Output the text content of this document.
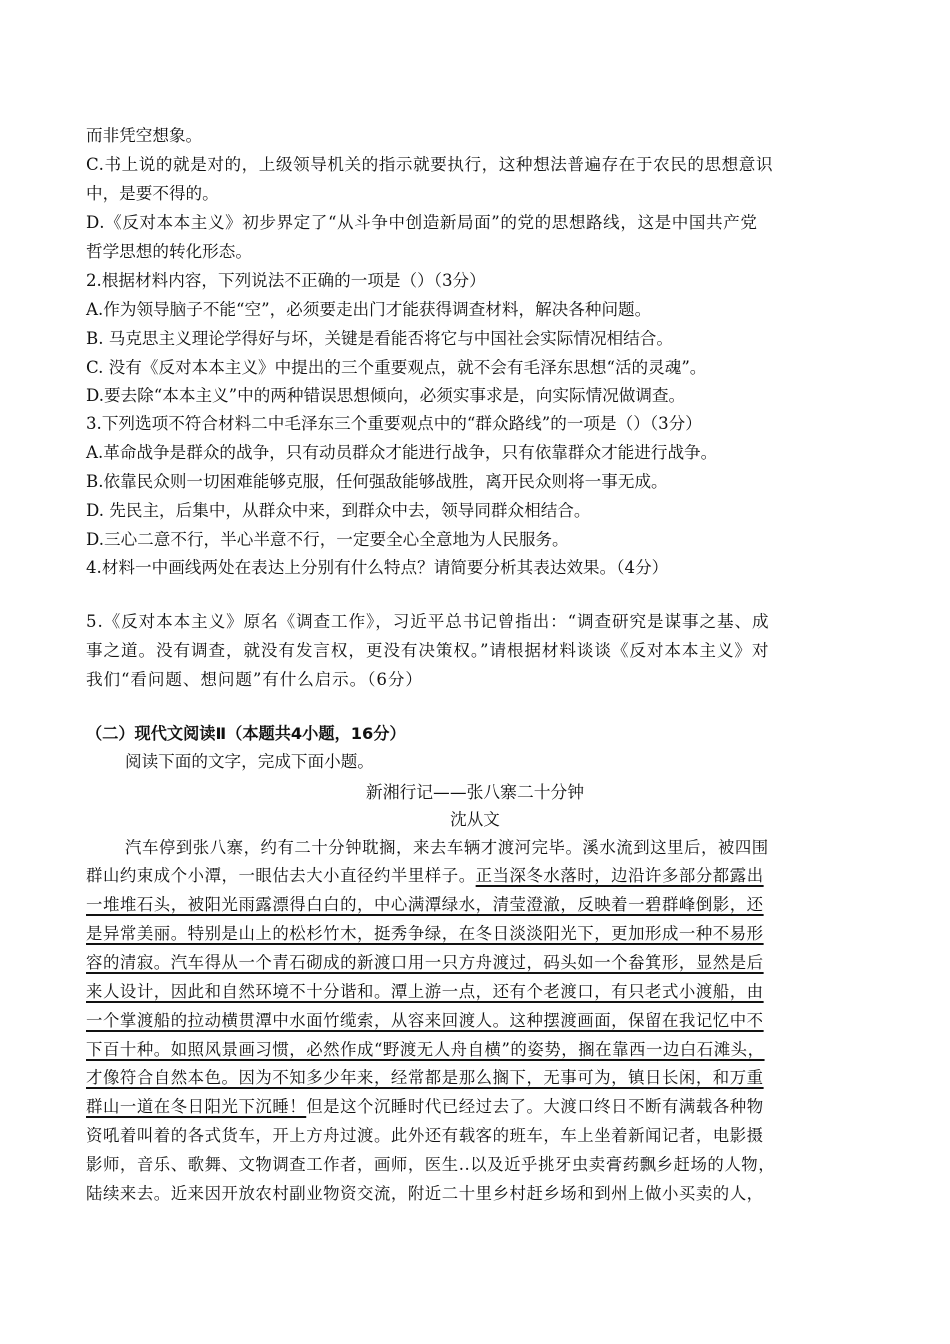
而非凭空想象。
C.书上说的就是对的，上级领导机关的指示就要执行，这种想法普遍存在于农民的思想意识
中，是要不得的。
D.《反对本本主义》初步界定了“从斗争中创造新局面”的党的思想路线，这是中国共产党
哲学思想的转化形态。
2.根据材料内容，下列说法不正确的一项是（）（3分）
A.作为领导脑子不能“空”，必须要走出门才能获得调查材料，解决各种问题。
B. 马克思主义理论学得好与坏，关键是看能否将它与中国社会实际情况相结合。
C. 没有《反对本本主义》中提出的三个重要观点，就不会有毛泽东思想“活的灵魂”。
D.要去除“本本主义”中的两种错误思想倾向，必须实事求是，向实际情况做调查。
3.下列选项不符合材料二中毛泽东三个重要观点中的“群众路线”的一项是（）（3分）
A.革命战争是群众的战争，只有动员群众才能进行战争，只有依靠群众才能进行战争。
B.依靠民众则一切困难能够克服，任何强敌能够战胜，离开民众则将一事无成。
D. 先民主，后集中，从群众中来，到群众中去，领导同群众相结合。
D.三心二意不行，半心半意不行，一定要全心全意地为人民服务。
4.材料一中画线两处在表达上分别有什么特点？请简要分析其表达效果。（4分）
5.《反对本本主义》原名《调查工作》，习近平总书记曾指出：“调查研究是谋事之基、成
事之道。没有调查，就没有发言权，更没有决策权。”请根据材料谈谈《反对本本主义》对
我们“看问题、想问题”有什么启示。（6分）
（二）现代文阅读Ⅱ（本题共4小题，16分）
阅读下面的文字，完成下面小题。
新湘行记——张八寨二十分钟
沈从文
汽车停到张八寨，约有二十分钟耽搁，来去车辆才渡河完毕。溪水流到这里后，被四围
群山约束成个小潭，一眼估去大小直径约半里样子。正当深冬水落时，边沿许多部分都露出
一堆堆石头，被阳光雨露漂得白白的，中心满潭绿水，清莹澄澈，反映着一碧群峰倒影，还
是异常美丽。特别是山上的松杉竹木，挺秀争绿，在冬日淡淡阳光下，更加形成一种不易形
容的清寂。汽车得从一个青石砌成的新渡口用一只方舟渡过，码头如一个畚箕形，显然是后
来人设计，因此和自然环境不十分谐和。潭上游一点，还有个老渡口，有只老式小渡船，由
一个掌渡船的拉动横贯潭中水面竹缆索，从容来回渡人。这种摆渡画面，保留在我记忆中不
下百十种。如照风景画习惯，必然作成“野渡无人舟自横”的姿势，搁在靠西一边白石滩头，
才像符合自然本色。因为不知多少年来，经常都是那么搁下，无事可为，镇日长闲，和万重
群山一道在冬日阳光下沉睡！但是这个沉睡时代已经过去了。大渡口终日不断有满载各种物
资吼着叫着的各式货车，开上方舟过渡。此外还有载客的班车，车上坐着新闻记者，电影摄
影师，音乐、歌舞、文物调查工作者，画师，医生..以及近乎挑牙虫卖膏药飘乡赶场的人物，
陆续来去。近来因开放农村副业物资交流，附近二十里乡村赶乡场和到州上做小买卖的人，
